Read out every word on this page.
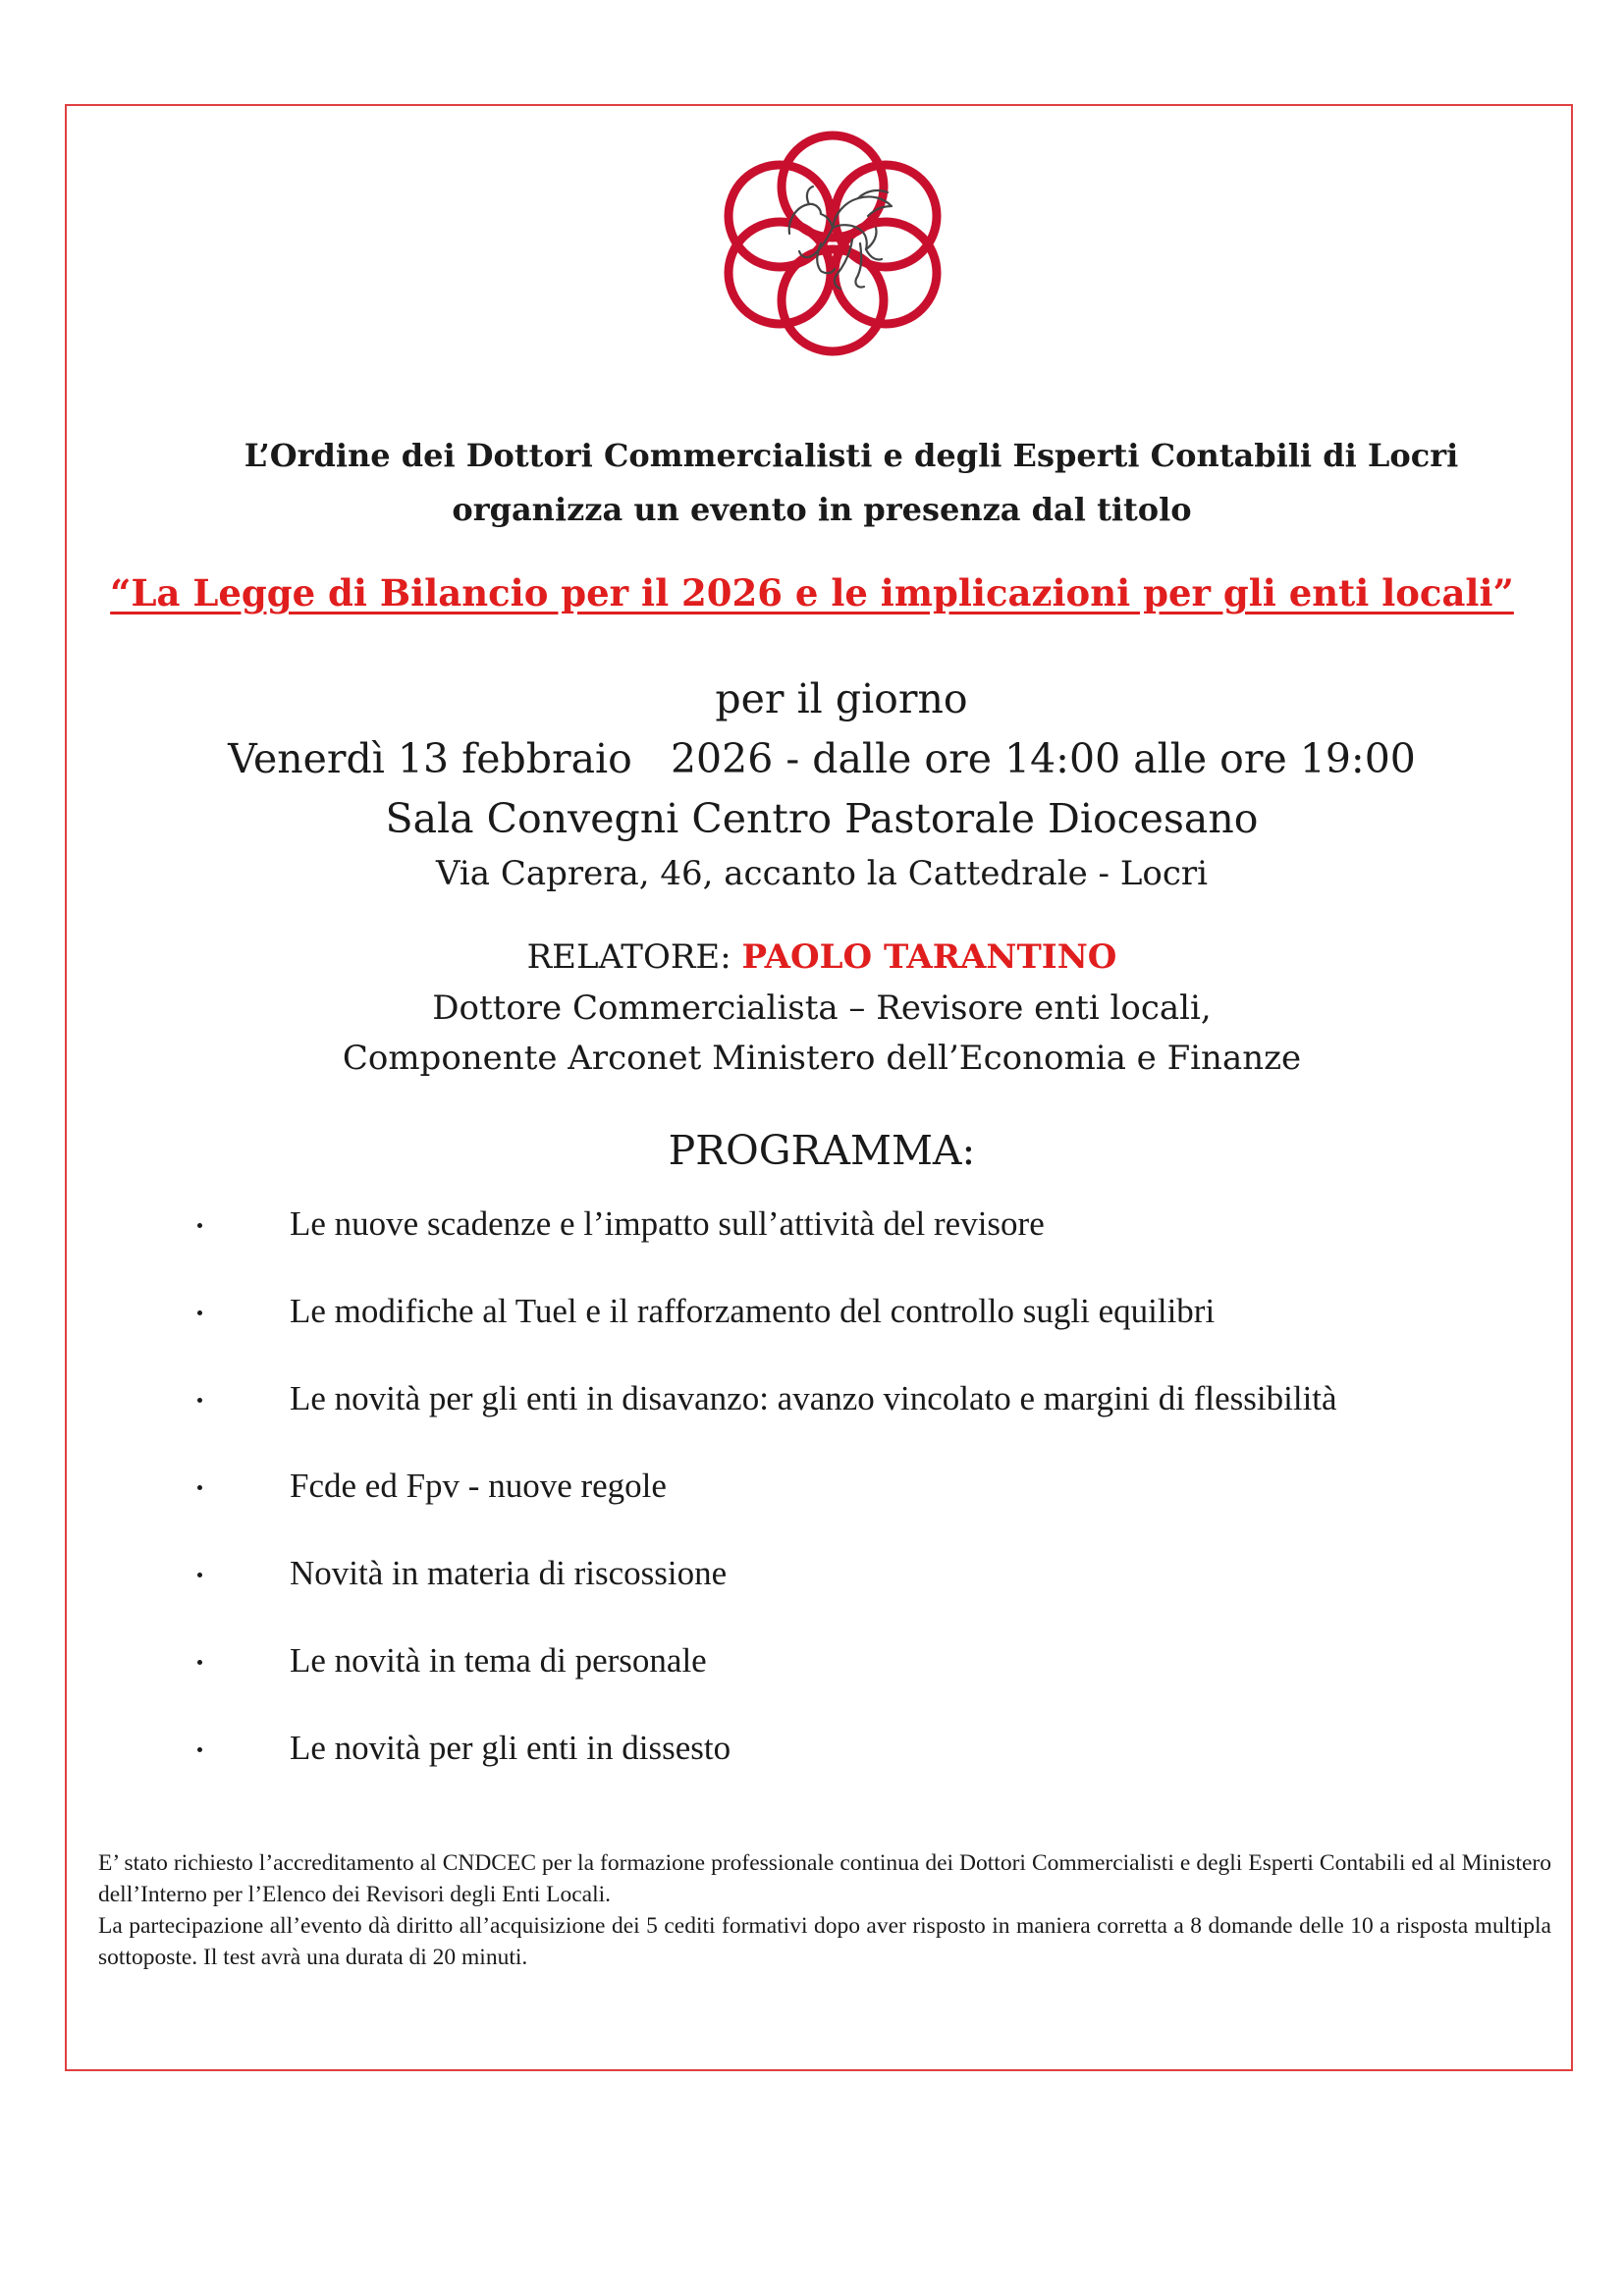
L’Ordine dei Dottori Commercialisti e degli Esperti Contabili di Locri
organizza un evento in presenza dal titolo
“La Legge di Bilancio per il 2026 e le implicazioni per gli enti locali”
per il giorno
Venerdì 13 febbraio   2026 - dalle ore 14:00 alle ore 19:00
Sala Convegni Centro Pastorale Diocesano
Via Caprera, 46, accanto la Cattedrale - Locri
RELATORE: PAOLO TARANTINO
Dottore Commercialista – Revisore enti locali,
Componente Arconet Ministero dell’Economia e Finanze
PROGRAMMA:
Le nuove scadenze e l’impatto sull’attività del revisore
Le modifiche al Tuel e il rafforzamento del controllo sugli equilibri
Le novità per gli enti in disavanzo: avanzo vincolato e margini di flessibilità
Fcde ed Fpv - nuove regole
Novità in materia di riscossione
Le novità in tema di personale
Le novità per gli enti in dissesto

E’ stato richiesto l’accreditamento al CNDCEC per la formazione professionale continua dei Dottori Commercialisti e degli Esperti Contabili ed al Ministero dell’Interno per l’Elenco dei Revisori degli Enti Locali.

La partecipazione all’evento dà diritto all’acquisizione dei 5 cediti formativi dopo aver risposto in maniera corretta a 8 domande delle 10 a risposta multipla sottoposte. Il test avrà una durata di 20 minuti.
